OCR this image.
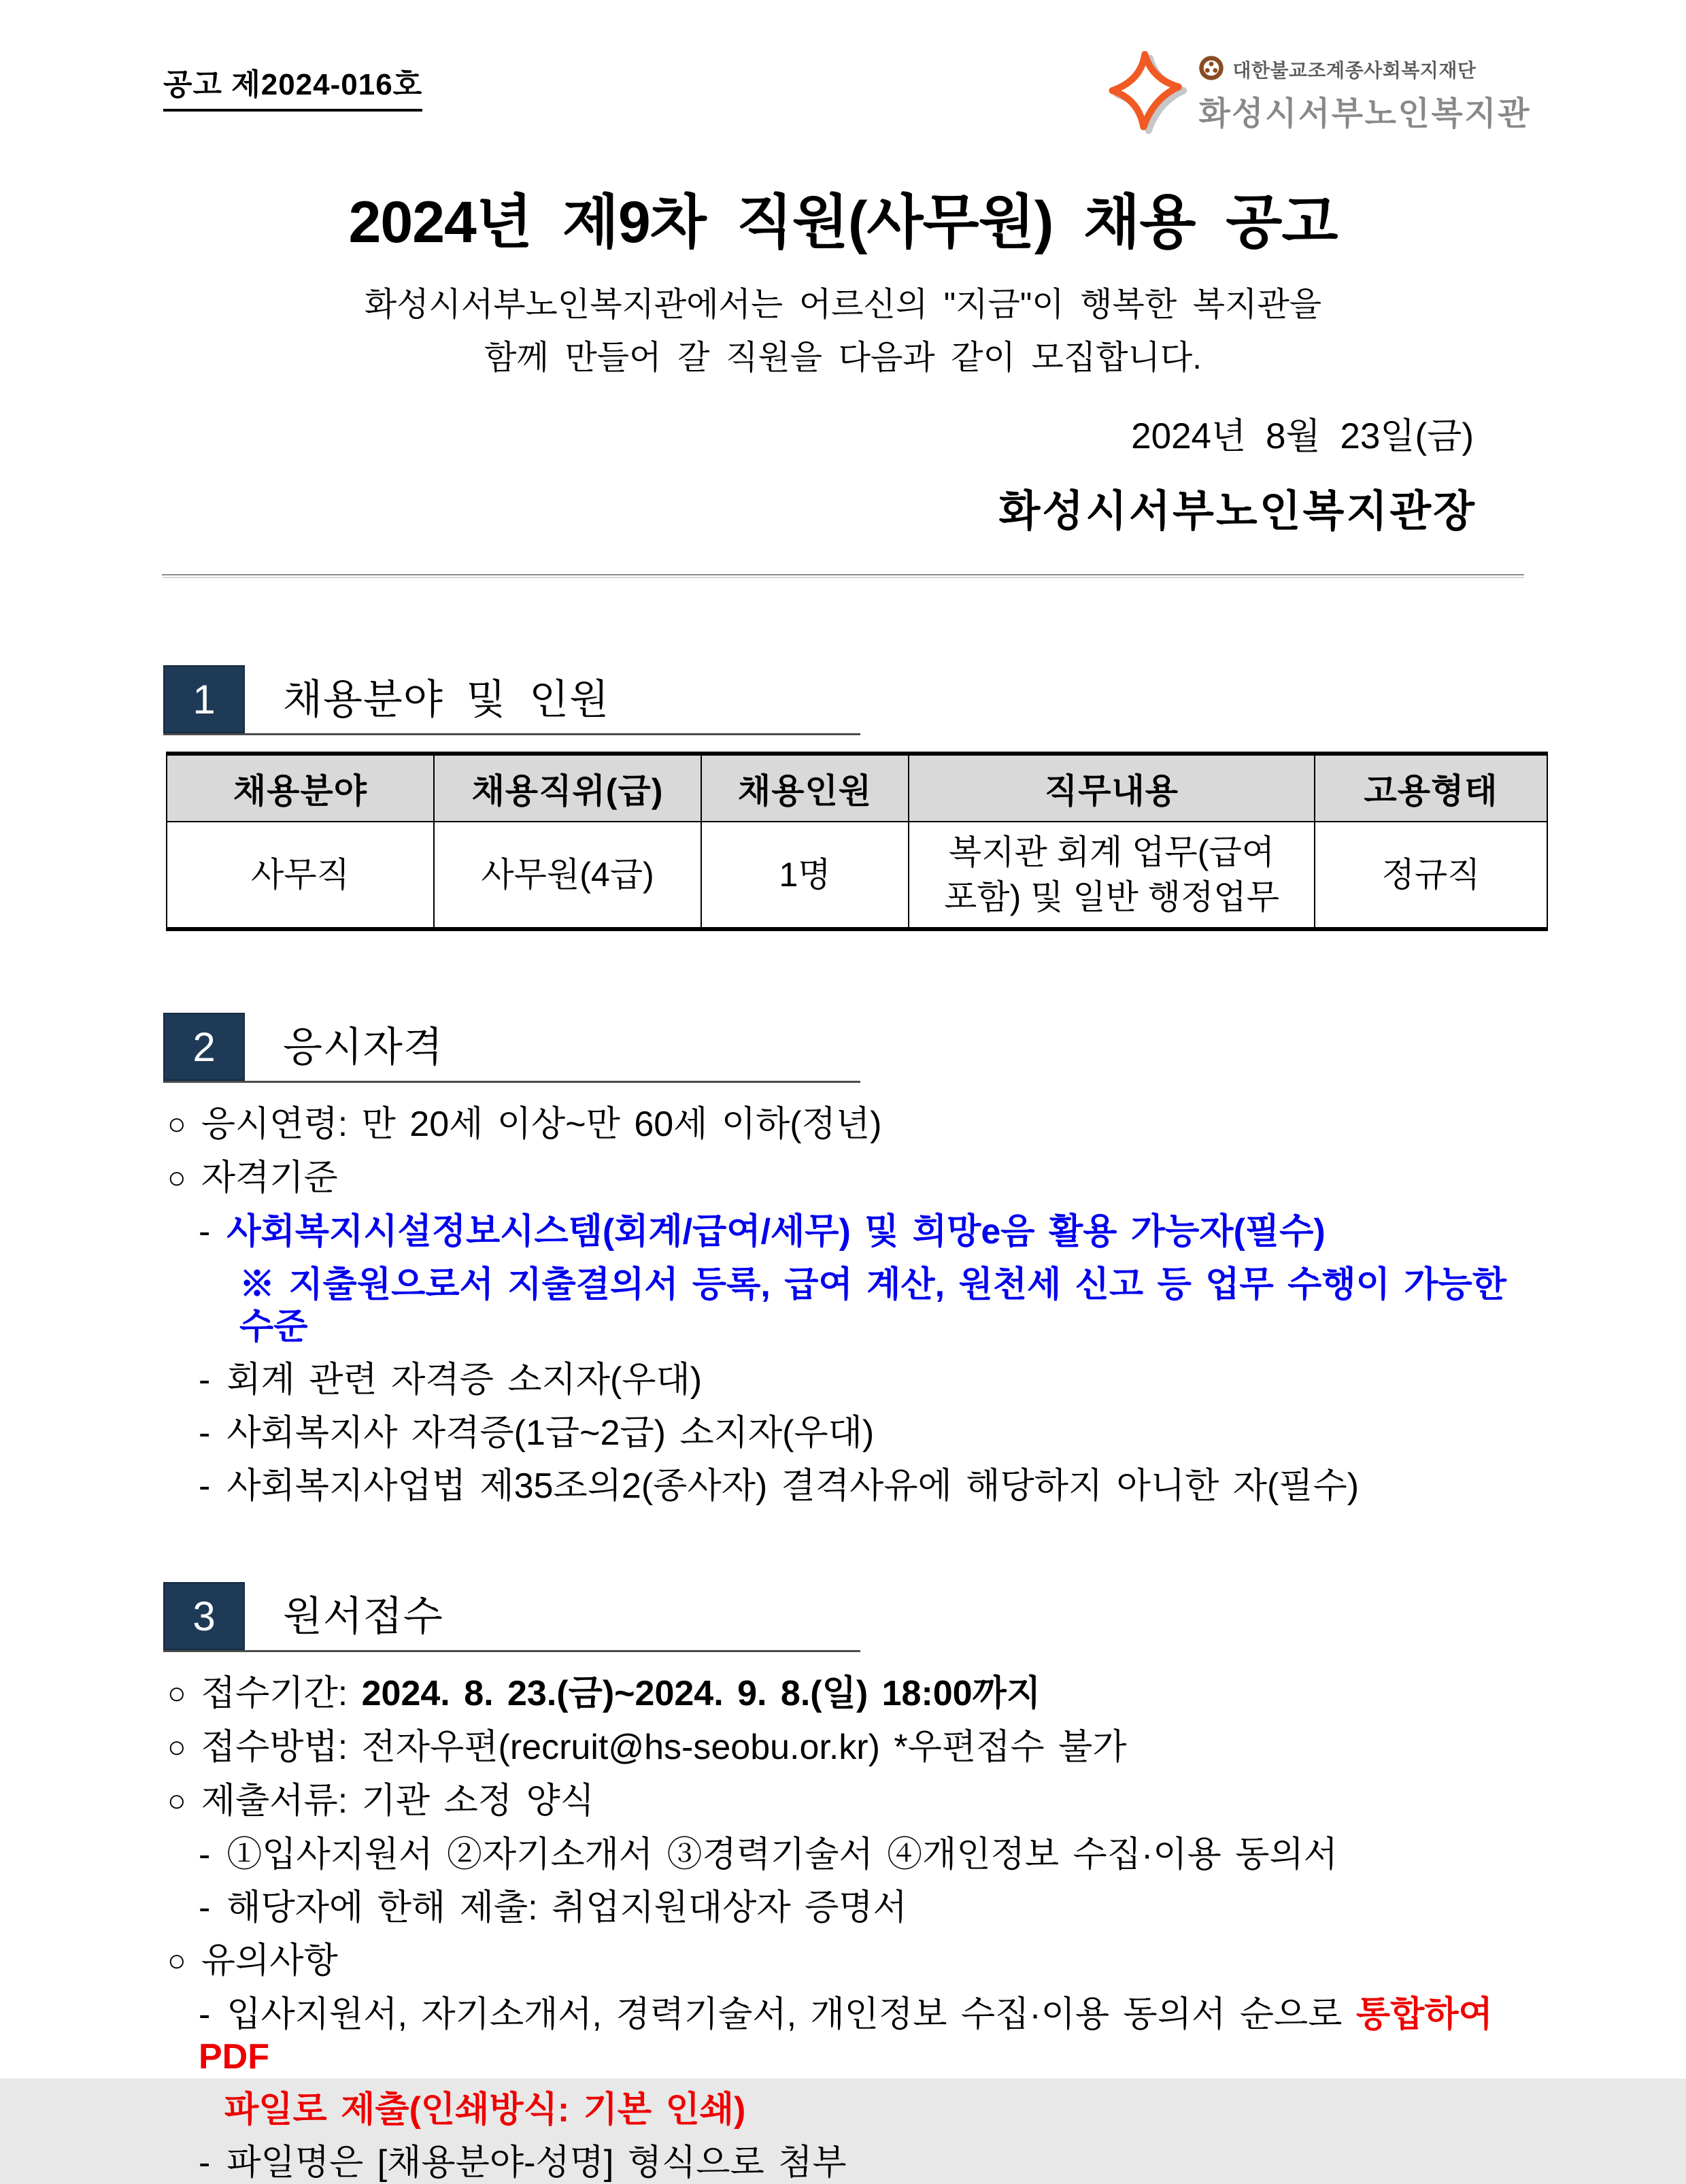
공고 제2024-016호	대한불교조계종사회복지재단
화성시서부노인복지관
2024년 제9차 직원(사무원) 채용 공고
화성시서부노인복지관에서는 어르신의 "지금"이 행복한 복지관을
함께 만들어 갈 직원을 다음과 같이 모집합니다.
2024년 8월 23일(금)
화성시서부노인복지관장
1	채용분야 및 인원
채용분야	채용직위(급)	채용인원	직무내용	고용형태
사무직	사무원(4급)	1명	복지관 회계 업무(급여 포함) 및 일반 행정업무	정규직
2	응시자격
○ 응시연령: 만 20세 이상~만 60세 이하(정년)
○ 자격기준
- 사회복지시설정보시스템(회계/급여/세무) 및 희망e음 활용 가능자(필수)
※ 지출원으로서 지출결의서 등록, 급여 계산, 원천세 신고 등 업무 수행이 가능한 수준
- 회계 관련 자격증 소지자(우대)
- 사회복지사 자격증(1급~2급) 소지자(우대)
- 사회복지사업법 제35조의2(종사자) 결격사유에 해당하지 아니한 자(필수)
3	원서접수
○ 접수기간: 2024. 8. 23.(금)~2024. 9. 8.(일) 18:00까지
○ 접수방법: 전자우편(recruit@hs-seobu.or.kr) *우편접수 불가
○ 제출서류: 기관 소정 양식
- ①입사지원서 ②자기소개서 ③경력기술서 ④개인정보 수집·이용 동의서
- 해당자에 한해 제출: 취업지원대상자 증명서
○ 유의사항
- 입사지원서, 자기소개서, 경력기술서, 개인정보 수집·이용 동의서 순으로 통합하여 PDF
파일로 제출(인쇄방식: 기본 인쇄)
- 파일명은 [채용분야-성명] 형식으로 첨부
